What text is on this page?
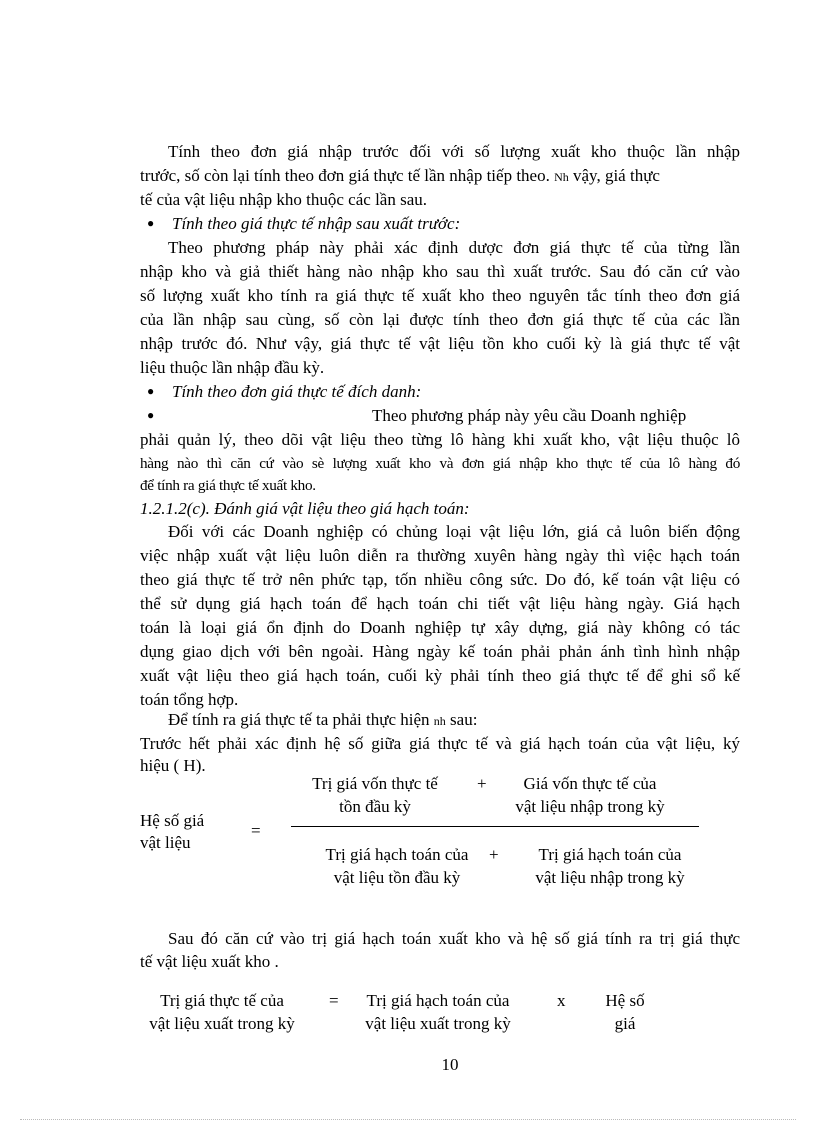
Tính theo đơn giá nhập trước đối với số lượng xuất kho thuộc lần nhập
trước, số còn lại tính theo đơn giá thực tế lần nhập tiếp theo. Nh vậy, giá thực
tế của vật liệu nhập kho thuộc các lần sau.
● Tính theo giá thực tế nhập sau xuất trước:
Theo phương pháp này phải xác định dược đơn giá thực tế của từng lần
nhập kho và giả thiết hàng nào nhập kho sau thì xuất trước. Sau đó căn cứ vào
số lượng xuất kho tính ra giá thực tế xuất kho theo nguyên tắc tính theo đơn giá
của lần nhập sau cùng, số còn lại được tính theo đơn giá thực tế của các lần
nhập trước đó. Như vậy, giá thực tế vật liệu tồn kho cuối kỳ là giá thực tế vật
liệu thuộc lần nhập đầu kỳ.
● Tính theo đơn giá thực tế đích danh:
●	Theo phương pháp này yêu cầu Doanh nghiệp
phải quản lý, theo dõi vật liệu theo từng lô hàng khi xuất kho, vật liệu thuộc lô
hàng nào thì căn cứ vào sè lượng xuất kho và đơn giá nhập kho thực tế của lô hàng đó
để tính ra giá thực tế xuất kho.
1.2.1.2(c). Đánh giá vật liệu theo giá hạch toán:
Đối với các Doanh nghiệp có chủng loại vật liệu lớn, giá cả luôn biến động
việc nhập xuất vật liệu luôn diễn ra thường xuyên hàng ngày thì việc hạch toán
theo giá thực tế trở nên phức tạp, tốn nhiều công sức. Do đó, kế toán vật liệu có
thể sử dụng giá hạch toán để hạch toán chi tiết vật liệu hàng ngày. Giá hạch
toán là loại giá ổn định do Doanh nghiệp tự xây dựng, giá này không có tác
dụng giao dịch với bên ngoài. Hàng ngày kế toán phải phản ánh tình hình nhập
xuất vật liệu theo giá hạch toán, cuối kỳ phải tính theo giá thực tế để ghi sổ kế
toán tổng hợp.
Để tính ra giá thực tế ta phải thực hiện nh sau:
Trước hết phải xác định hệ số giữa giá thực tế và giá hạch toán của vật liệu, ký
hiệu ( H).
Hệ số giá
vật liệu
=
Trị giá vốn thực tế
tồn đầu kỳ
+	Giá vốn thực tế của
vật liệu nhập trong kỳ
Trị giá hạch toán của
vật liệu tồn đầu kỳ
+	Trị giá hạch toán của
vật liệu nhập trong kỳ
Sau đó căn cứ vào trị giá hạch toán xuất kho và hệ số giá tính ra trị giá thực
tế vật liệu xuất kho .
Trị giá thực tế của
vật liệu xuất trong kỳ
=	Trị giá hạch toán của
vật liệu xuất trong kỳ
x	Hệ số
giá
10
